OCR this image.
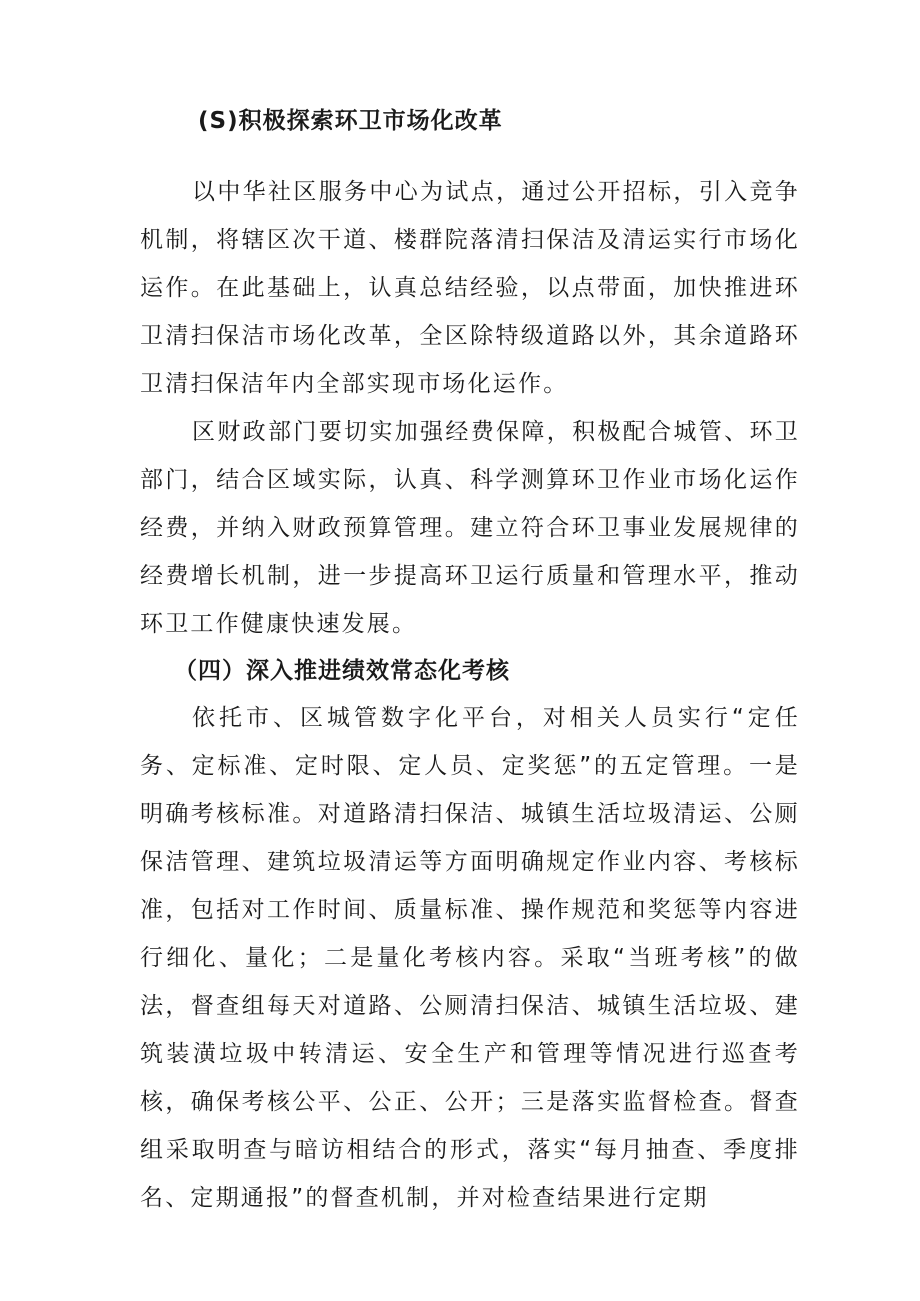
(S)积极探索环卫市场化改革

以中华社区服务中心为试点，通过公开招标，引入竞争机制，将辖区次干道、楼群院落清扫保洁及清运实行市场化运作。在此基础上，认真总结经验，以点带面，加快推进环卫清扫保洁市场化改革，全区除特级道路以外，其余道路环卫清扫保洁年内全部实现市场化运作。

区财政部门要切实加强经费保障，积极配合城管、环卫部门，结合区域实际，认真、科学测算环卫作业市场化运作经费，并纳入财政预算管理。建立符合环卫事业发展规律的经费增长机制，进一步提高环卫运行质量和管理水平，推动环卫工作健康快速发展。

（四）深入推进绩效常态化考核

依托市、区城管数字化平台，对相关人员实行“定任务、定标准、定时限、定人员、定奖惩”的五定管理。一是明确考核标准。对道路清扫保洁、城镇生活垃圾清运、公厕保洁管理、建筑垃圾清运等方面明确规定作业内容、考核标准，包括对工作时间、质量标准、操作规范和奖惩等内容进行细化、量化；二是量化考核内容。采取“当班考核”的做法，督查组每天对道路、公厕清扫保洁、城镇生活垃圾、建筑装潢垃圾中转清运、安全生产和管理等情况进行巡查考核，确保考核公平、公正、公开；三是落实监督检查。督查组采取明查与暗访相结合的形式，落实“每月抽查、季度排名、定期通报”的督查机制，并对检查结果进行定期
